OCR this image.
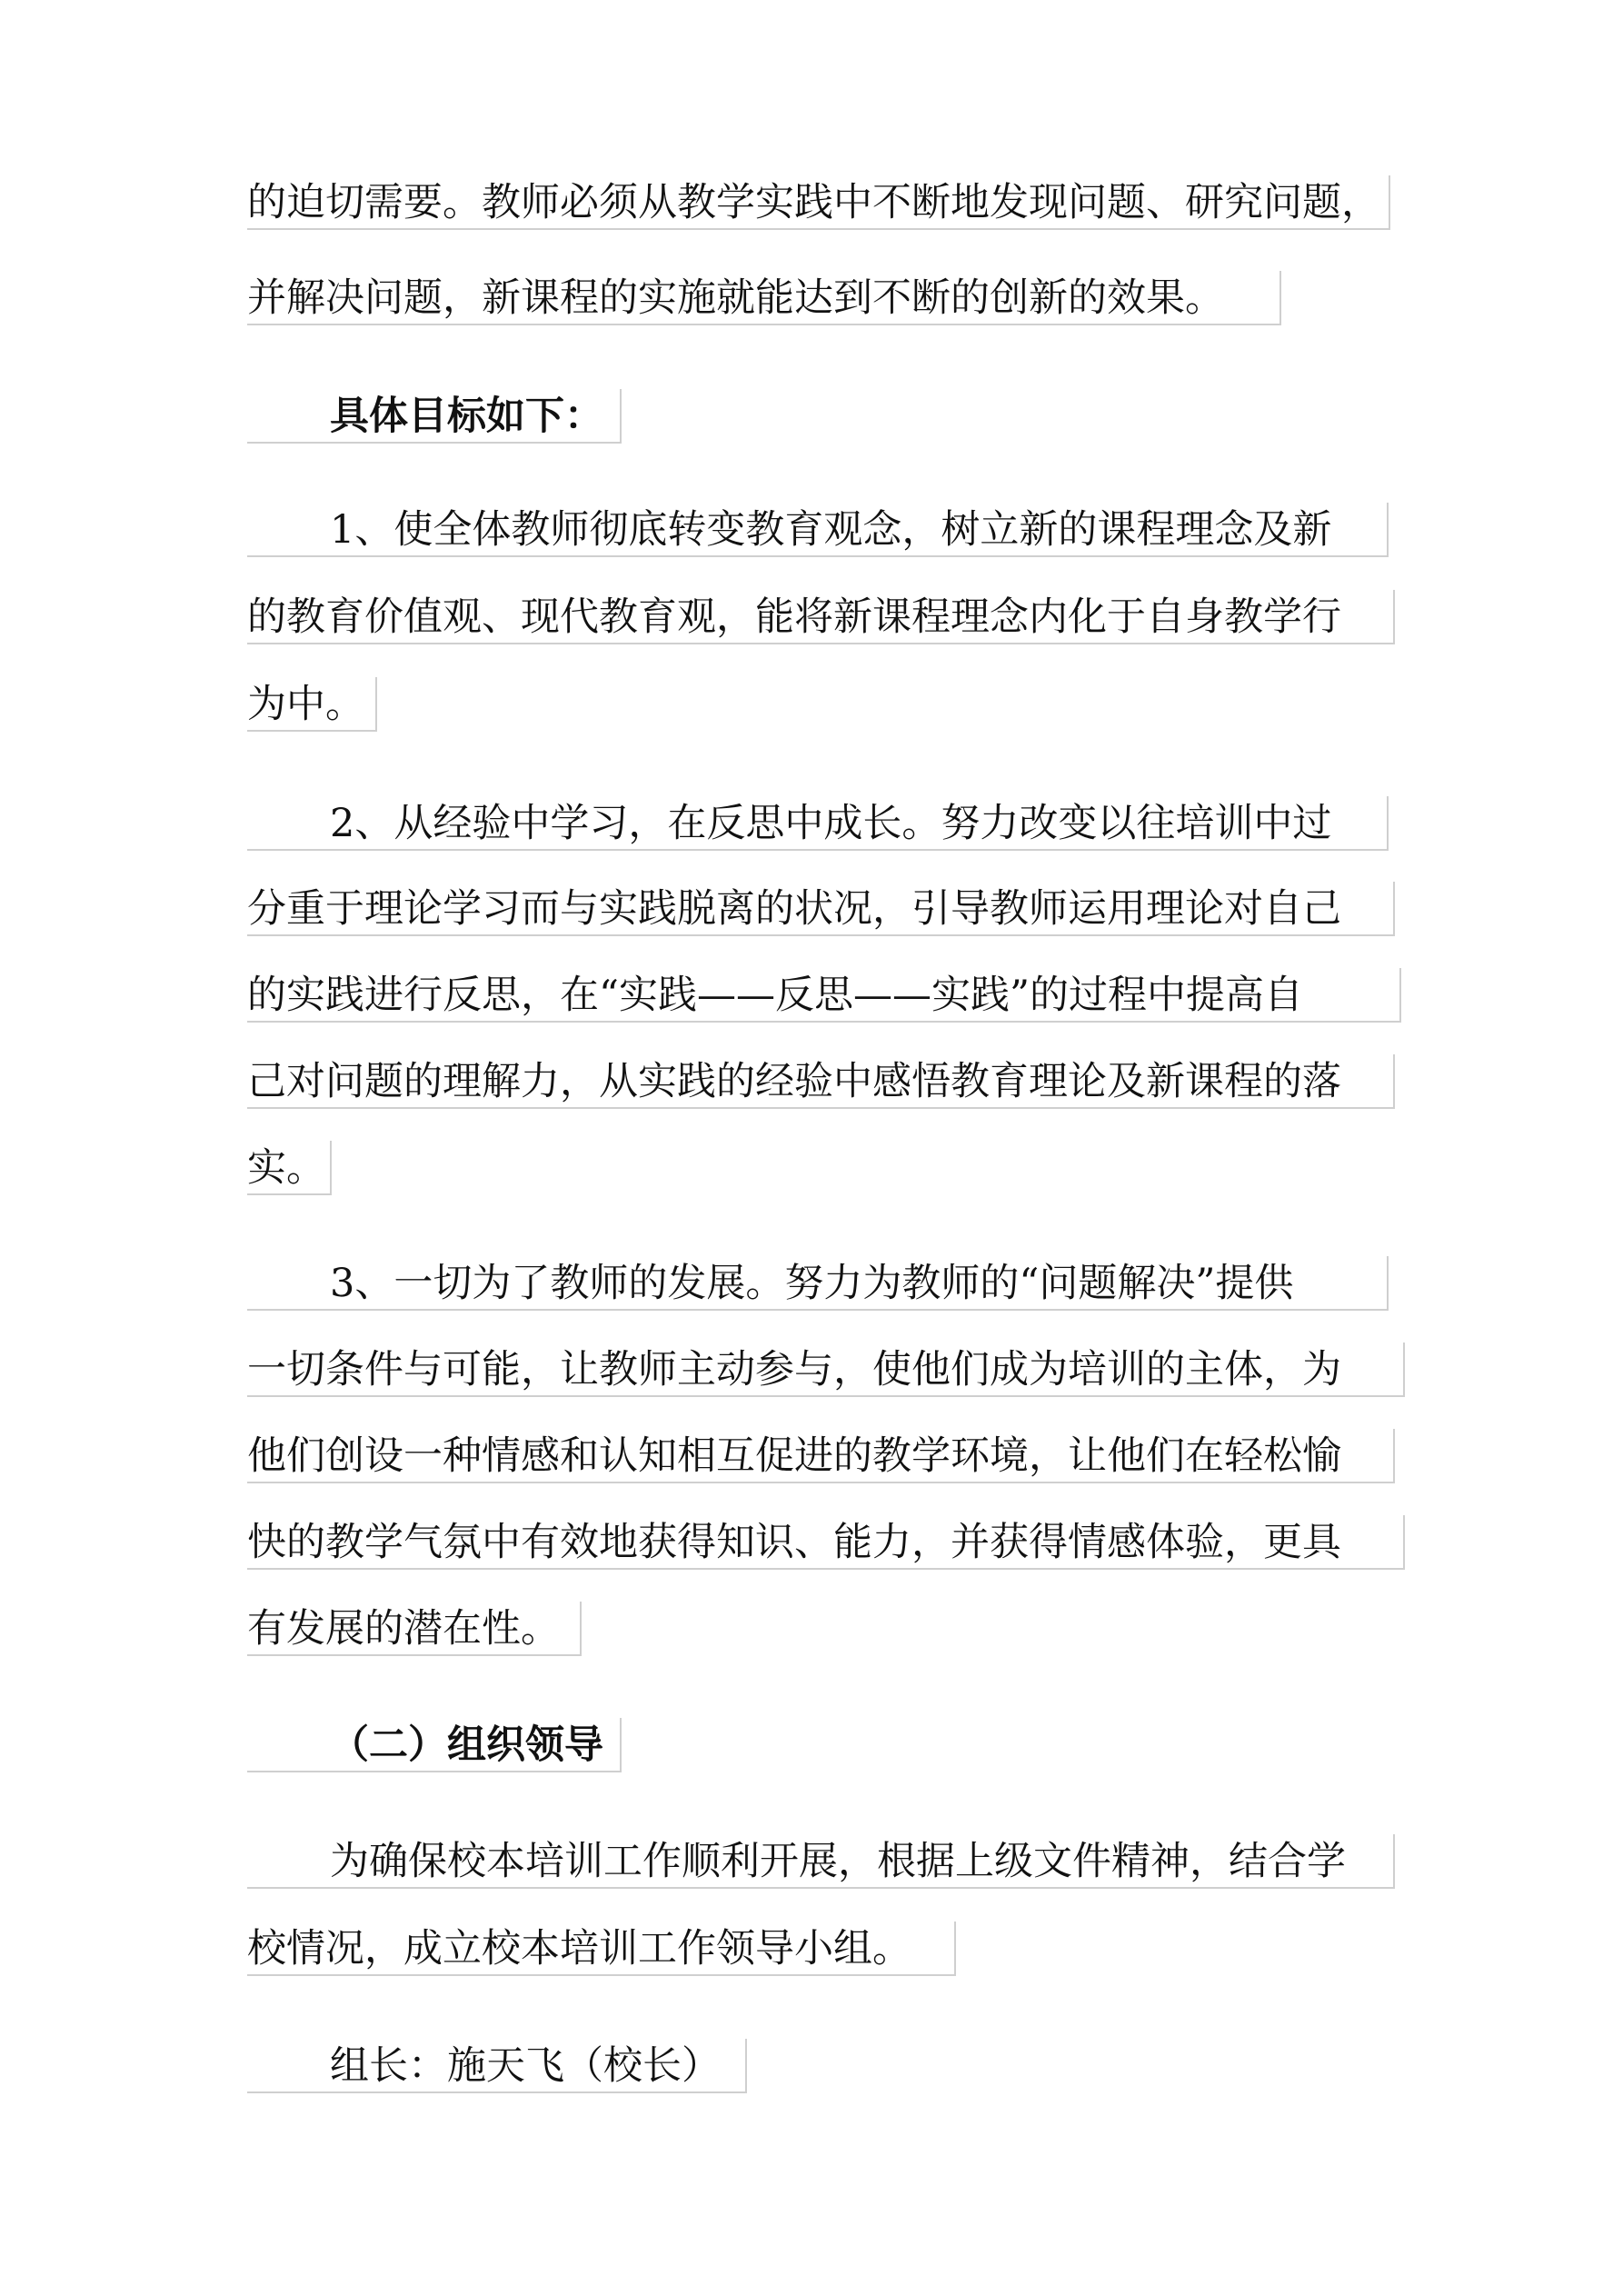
的迫切需要。教师必须从教学实践中不断地发现问题、研究问题，
并解决问题，新课程的实施就能达到不断的创新的效果。
具体目标如下：
1、使全体教师彻底转变教育观念，树立新的课程理念及新
的教育价值观、现代教育观，能将新课程理念内化于自身教学行
为中。
2、从经验中学习，在反思中成长。努力改变以往培训中过
分重于理论学习而与实践脱离的状况，引导教师运用理论对自己
的实践进行反思，在“实践——反思——实践”的过程中提高自
己对问题的理解力，从实践的经验中感悟教育理论及新课程的落
实。
3、一切为了教师的发展。努力为教师的“问题解决”提供
一切条件与可能，让教师主动参与，使他们成为培训的主体，为
他们创设一种情感和认知相互促进的教学环境，让他们在轻松愉
快的教学气氛中有效地获得知识、能力，并获得情感体验，更具
有发展的潜在性。
（二）组织领导
为确保校本培训工作顺利开展，根据上级文件精神，结合学
校情况，成立校本培训工作领导小组。
组长：施天飞（校长）
